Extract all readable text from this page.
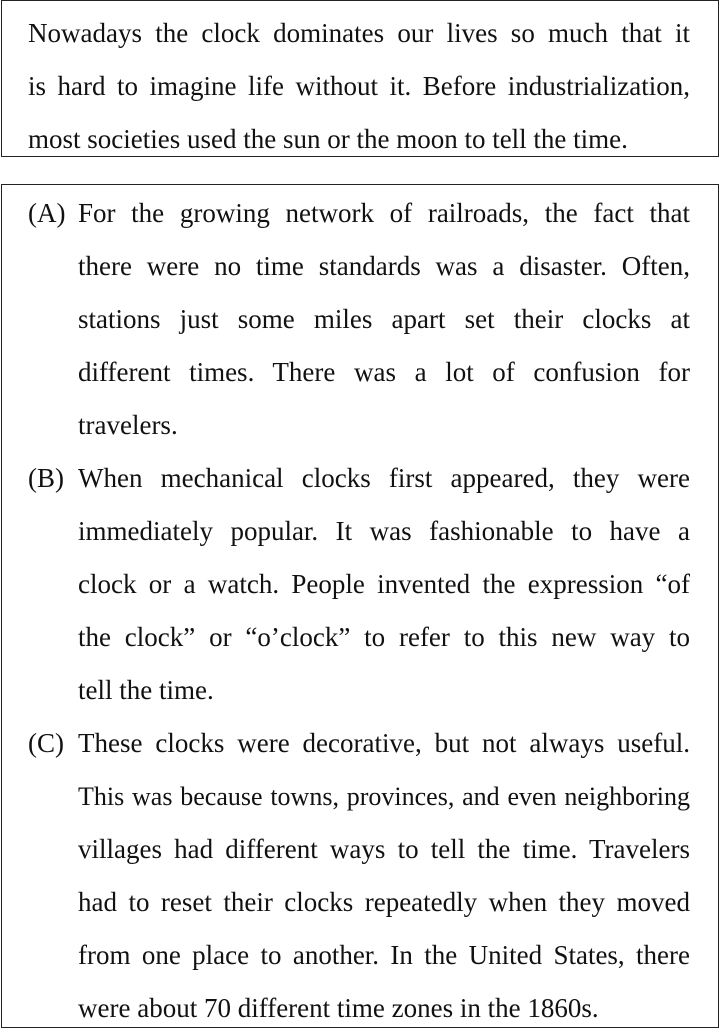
Nowadays the clock dominates our lives so much that it
is hard to imagine life without it. Before industrialization,
most societies used the sun or the moon to tell the time.
(A) For the growing network of railroads, the fact that
there were no time standards was a disaster. Often,
stations just some miles apart set their clocks at
different times. There was a lot of confusion for
travelers.
(B) When mechanical clocks first appeared, they were
immediately popular. It was fashionable to have a
clock or a watch. People invented the expression “of
the clock” or “o’clock” to refer to this new way to
tell the time.
(C) These clocks were decorative, but not always useful.
This was because towns, provinces, and even neighboring
villages had different ways to tell the time. Travelers
had to reset their clocks repeatedly when they moved
from one place to another. In the United States, there
were about 70 different time zones in the 1860s.
